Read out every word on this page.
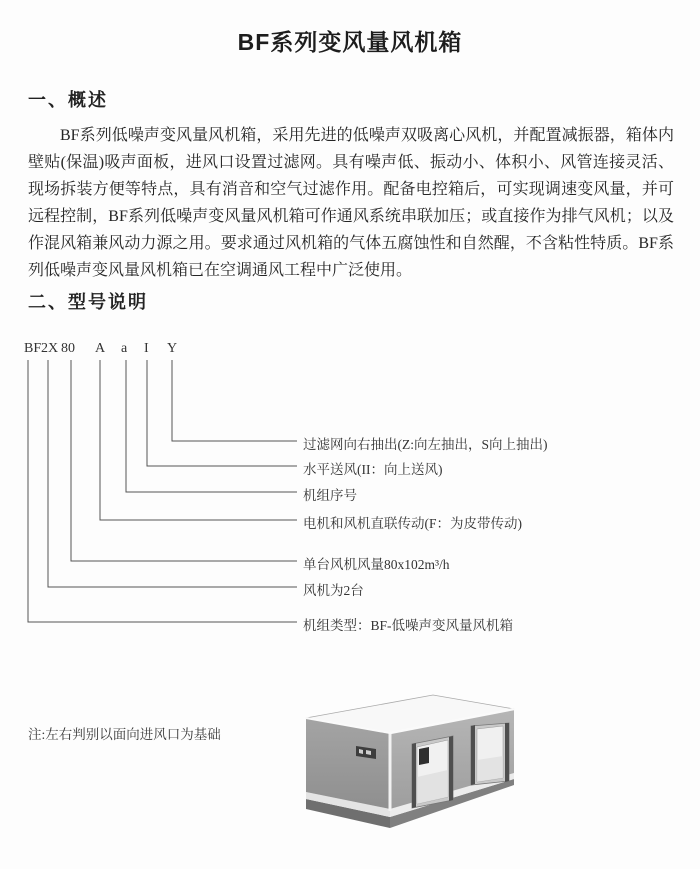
BF系列变风量风机箱
一、概述
BF系列低噪声变风量风机箱，采用先进的低噪声双吸离心风机，并配置减振器，箱体内壁贴(保温)吸声面板，进风口设置过滤网。具有噪声低、振动小、体积小、风管连接灵活、现场拆装方便等特点，具有消音和空气过滤作用。配备电控箱后，可实现调速变风量，并可远程控制，BF系列低噪声变风量风机箱可作通风系统串联加压；或直接作为排气风机；以及作混风箱兼风动力源之用。要求通过风机箱的气体五腐蚀性和自然醒，不含粘性特质。BF系列低噪声变风量风机箱已在空调通风工程中广泛使用。
二、型号说明
BF 2X 80 A a I Y
过滤网向右抽出(Z:向左抽出，S向上抽出)
水平送风(II：向上送风)
机组序号
电机和风机直联传动(F：为皮带传动)
单台风机风量80x102m³/h
风机为2台
机组类型：BF-低噪声变风量风机箱
注:左右判别以面向进风口为基础
